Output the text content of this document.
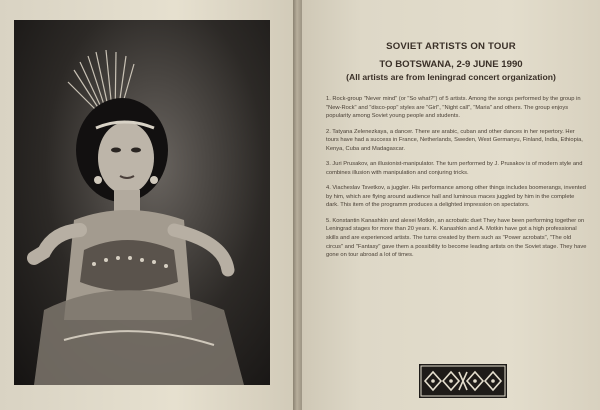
SOVIET ARTISTS ON TOUR
TO BOTSWANA, 2-9 JUNE 1990
(All artists are from leningrad concert organization)

1. Rock-group "Never mind" (or "So what?") of 5 artists. Among the songs performed by the group in "New-Rock" and "disco-pop" styles are "Girl", "Night call", "Maria" and others. The group enjoys popularity among Soviet young people and students.

2. Tatyana Zelenezkaya, a dancer. There are arabic, cuban and other dances in her repertory. Her tours have had a success in France, Netherlands, Sweden, West Germanyu, Finland, India, Ethiopia, Kenya, Cuba and Madagascar.

3. Juri Prusakov, an illusionist-manipulator. The turn performed by J. Prusakov is of modern style and combines illusion with manipulation and conjuring tricks.

4. Viacheslav Tsvetkov, a juggler. His performance among other things includes boomerangs, invented by him, which are flying around audience hall and luminous maces juggled by him in the complete dark. This item of the programm produces a delighted impression on spectators.

5. Konstantin Kanashkin and alexei Motkin, an acrobatic duet They have been performing together on Leningrad stages for more than 20 years. K. Kanashkin and A. Motkin have got a high professional skills and are experienced artists. The turns created by them such as "Power acrobats", "The old circus" and "Fantasy" gave them a possibility to become leading artists on the Soviet stage. They have gone on tour abroad a lot of times.
